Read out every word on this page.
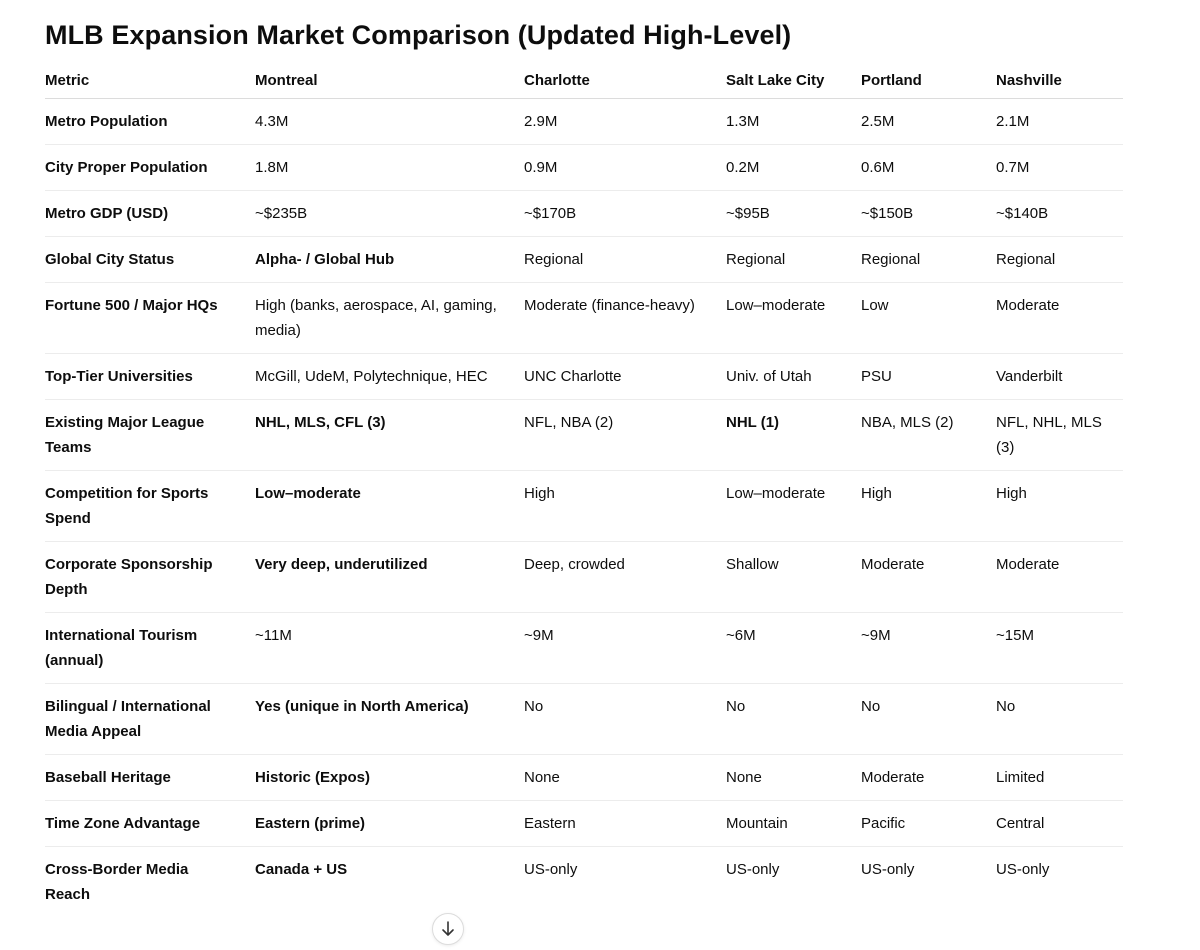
MLB Expansion Market Comparison (Updated High-Level)
Metric	Montreal	Charlotte	Salt Lake City	Portland	Nashville
Metro Population	4.3M	2.9M	1.3M	2.5M	2.1M
City Proper Population	1.8M	0.9M	0.2M	0.6M	0.7M
Metro GDP (USD)	~$235B	~$170B	~$95B	~$150B	~$140B
Global City Status	Alpha- / Global Hub	Regional	Regional	Regional	Regional
Fortune 500 / Major HQs	High (banks, aerospace, AI, gaming, media)	Moderate (finance-heavy)	Low–moderate	Low	Moderate
Top-Tier Universities	McGill, UdeM, Polytechnique, HEC	UNC Charlotte	Univ. of Utah	PSU	Vanderbilt
Existing Major League Teams	NHL, MLS, CFL (3)	NFL, NBA (2)	NHL (1)	NBA, MLS (2)	NFL, NHL, MLS (3)
Competition for Sports Spend	Low–moderate	High	Low–moderate	High	High
Corporate Sponsorship Depth	Very deep, underutilized	Deep, crowded	Shallow	Moderate	Moderate
International Tourism (annual)	~11M	~9M	~6M	~9M	~15M
Bilingual / International Media Appeal	Yes (unique in North America)	No	No	No	No
Baseball Heritage	Historic (Expos)	None	None	Moderate	Limited
Time Zone Advantage	Eastern (prime)	Eastern	Mountain	Pacific	Central
Cross-Border Media Reach	Canada + US	US-only	US-only	US-only	US-only
